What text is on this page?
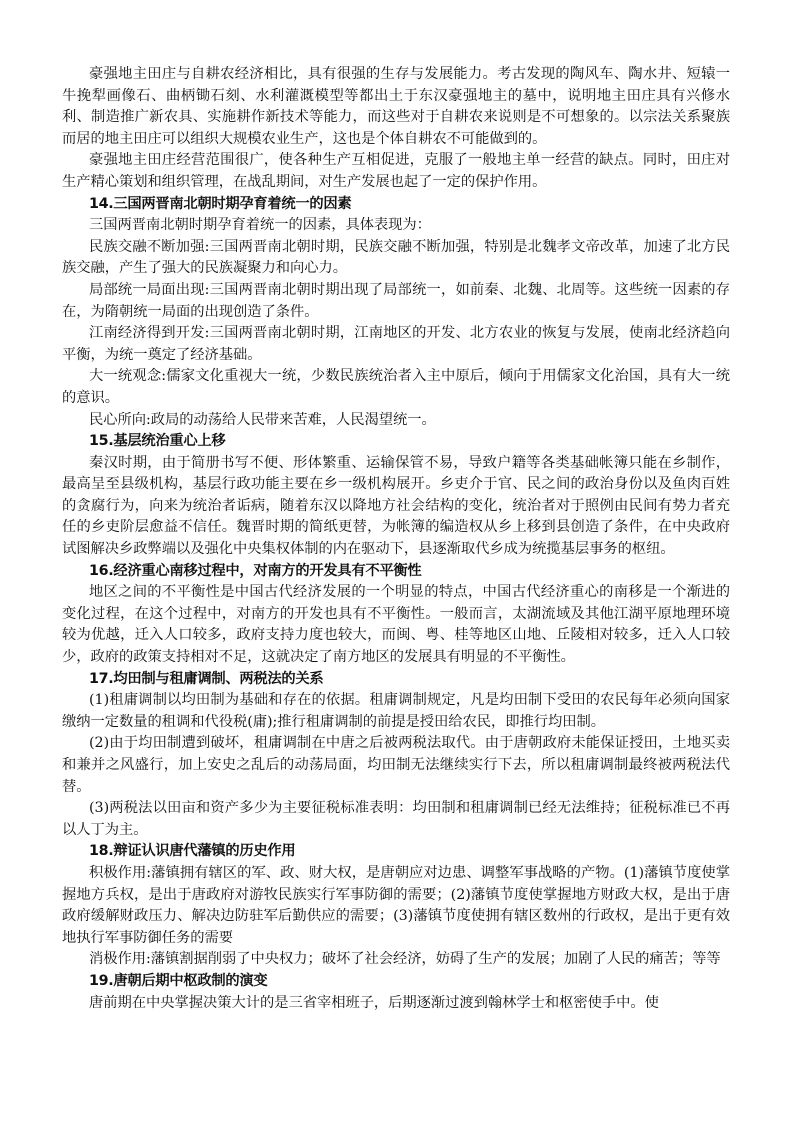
豪强地主田庄与自耕农经济相比，具有很强的生存与发展能力。考古发现的陶风车、陶水井、短辕一牛挽犁画像石、曲柄锄石刻、水利灌溉模型等都出土于东汉豪强地主的墓中，说明地主田庄具有兴修水利、制造推广新农具、实施耕作新技术等能力，而这些对于自耕农来说则是不可想象的。以宗法关系聚族而居的地主田庄可以组织大规模农业生产，这也是个体自耕农不可能做到的。

豪强地主田庄经营范围很广，使各种生产互相促进，克服了一般地主单一经营的缺点。同时，田庄对生产精心策划和组织管理，在战乱期间，对生产发展也起了一定的保护作用。

14.三国两晋南北朝时期孕育着统一的因素

三国两晋南北朝时期孕育着统一的因素，具体表现为：

民族交融不断加强:三国两晋南北朝时期，民族交融不断加强，特别是北魏孝文帝改革，加速了北方民族交融，产生了强大的民族凝聚力和向心力。

局部统一局面出现:三国两晋南北朝时期出现了局部统一，如前秦、北魏、北周等。这些统一因素的存在，为隋朝统一局面的出现创造了条件。

江南经济得到开发:三国两晋南北朝时期，江南地区的开发、北方农业的恢复与发展，使南北经济趋向平衡，为统一奠定了经济基础。

大一统观念:儒家文化重视大一统，少数民族统治者入主中原后，倾向于用儒家文化治国，具有大一统的意识。

民心所向:政局的动荡给人民带来苦难，人民渴望统一。

15.基层统治重心上移

秦汉时期，由于简册书写不便、形体繁重、运输保管不易，导致户籍等各类基础帐簿只能在乡制作，最高呈至县级机构，基层行政功能主要在乡一级机构展开。乡吏介于官、民之间的政治身份以及鱼肉百姓的贪腐行为，向来为统治者诟病，随着东汉以降地方社会结构的变化，统治者对于照例由民间有势力者充任的乡吏阶层愈益不信任。魏晋时期的简纸更替，为帐簿的编造权从乡上移到县创造了条件，在中央政府试图解决乡政弊端以及强化中央集权体制的内在驱动下，县逐渐取代乡成为统揽基层事务的枢纽。

16.经济重心南移过程中，对南方的开发具有不平衡性

地区之间的不平衡性是中国古代经济发展的一个明显的特点，中国古代经济重心的南移是一个渐进的变化过程，在这个过程中，对南方的开发也具有不平衡性。一般而言，太湖流域及其他江湖平原地理环境较为优越，迁入人口较多，政府支持力度也较大，而闽、粤、桂等地区山地、丘陵相对较多，迁入人口较少，政府的政策支持相对不足，这就决定了南方地区的发展具有明显的不平衡性。

17.均田制与租庸调制、两税法的关系

(1)租庸调制以均田制为基础和存在的依据。租庸调制规定，凡是均田制下受田的农民每年必须向国家缴纳一定数量的租调和代役税(庸);推行租庸调制的前提是授田给农民，即推行均田制。

(2)由于均田制遭到破坏，租庸调制在中唐之后被两税法取代。由于唐朝政府未能保证授田，土地买卖和兼并之风盛行，加上安史之乱后的动荡局面，均田制无法继续实行下去，所以租庸调制最终被两税法代替。

(3)两税法以田亩和资产多少为主要征税标准表明：均田制和租庸调制已经无法维持；征税标准已不再以人丁为主。

18.辩证认识唐代藩镇的历史作用

积极作用:藩镇拥有辖区的军、政、财大权，是唐朝应对边患、调整军事战略的产物。(1)藩镇节度使掌握地方兵权，是出于唐政府对游牧民族实行军事防御的需要；(2)藩镇节度使掌握地方财政大权，是出于唐政府缓解财政压力、解决边防驻军后勤供应的需要；(3)藩镇节度使拥有辖区数州的行政权，是出于更有效地执行军事防御任务的需要

消极作用:藩镇割据削弱了中央权力；破坏了社会经济，妨碍了生产的发展；加剧了人民的痛苦；等等

19.唐朝后期中枢政制的演变

唐前期在中央掌握决策大计的是三省宰相班子，后期逐渐过渡到翰林学士和枢密使手中。使
